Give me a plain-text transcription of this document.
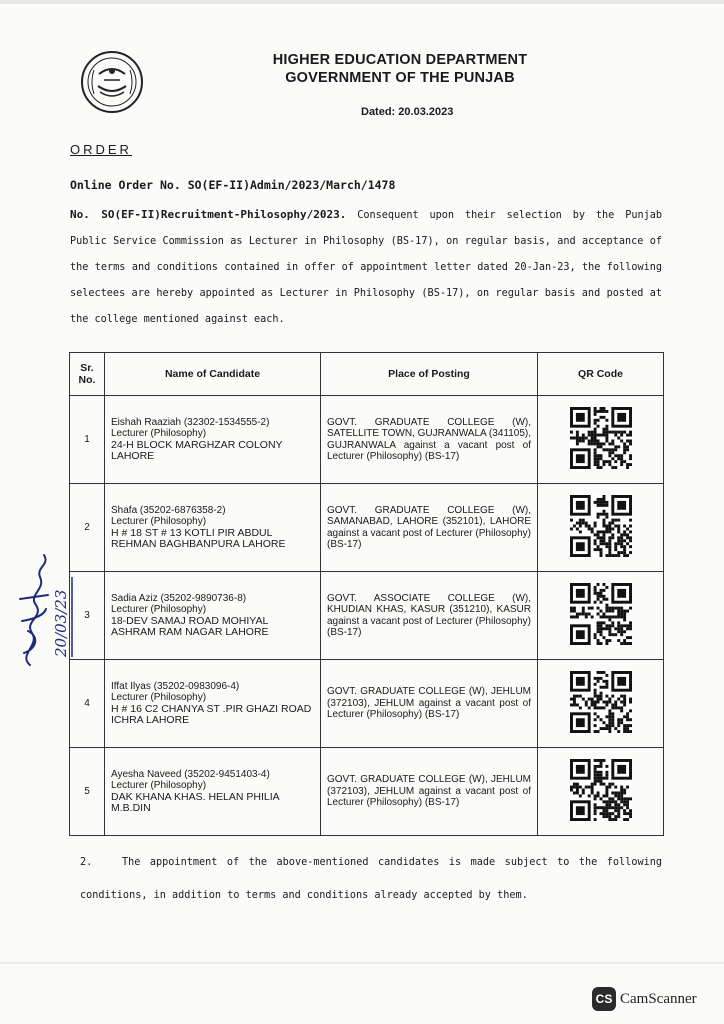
HIGHER EDUCATION DEPARTMENT
GOVERNMENT OF THE PUNJAB
Dated: 20.03.2023
ORDER
Online Order No. SO(EF-II)Admin/2023/March/1478
No. SO(EF-II)Recruitment-Philosophy/2023. Consequent upon their selection by the Punjab Public Service Commission as Lecturer in Philosophy (BS-17), on regular basis, and acceptance of the terms and conditions contained in offer of appointment letter dated 20-Jan-23, the following selectees are hereby appointed as Lecturer in Philosophy (BS-17), on regular basis and posted at the college mentioned against each.
Sr. No.	Name of Candidate	Place of Posting	QR Code
1	Eishah Raaziah (32302-1534555-2)
Lecturer (Philosophy)
24-H BLOCK MARGHZAR COLONY LAHORE	GOVT. GRADUATE COLLEGE (W), SATELLITE TOWN, GUJRANWALA (341105), GUJRANWALA against a vacant post of Lecturer (Philosophy) (BS-17)	
2	Shafa (35202-6876358-2)
Lecturer (Philosophy)
H # 18 ST # 13 KOTLI PIR ABDUL REHMAN BAGHBANPURA LAHORE	GOVT. GRADUATE COLLEGE (W), SAMANABAD, LAHORE (352101), LAHORE against a vacant post of Lecturer (Philosophy) (BS-17)	
3	Sadia Aziz (35202-9890736-8)
Lecturer (Philosophy)
18-DEV SAMAJ ROAD MOHIYAL ASHRAM RAM NAGAR LAHORE	GOVT. ASSOCIATE COLLEGE (W), KHUDIAN KHAS, KASUR (351210), KASUR against a vacant post of Lecturer (Philosophy) (BS-17)	
4	Iffat Ilyas (35202-0983096-4)
Lecturer (Philosophy)
H # 16 C2 CHANYA ST .PIR GHAZI ROAD ICHRA LAHORE	GOVT. GRADUATE COLLEGE (W), JEHLUM (372103), JEHLUM against a vacant post of Lecturer (Philosophy) (BS-17)	
5	Ayesha Naveed (35202-9451403-4)
Lecturer (Philosophy)
DAK KHANA KHAS. HELAN PHILIA M.B.DIN	GOVT. GRADUATE COLLEGE (W), JEHLUM (372103), JEHLUM against a vacant post of Lecturer (Philosophy) (BS-17)	
20/03/23
2.	The appointment of the above-mentioned candidates is made subject to the following conditions, in addition to terms and conditions already accepted by them.
CS CamScanner
